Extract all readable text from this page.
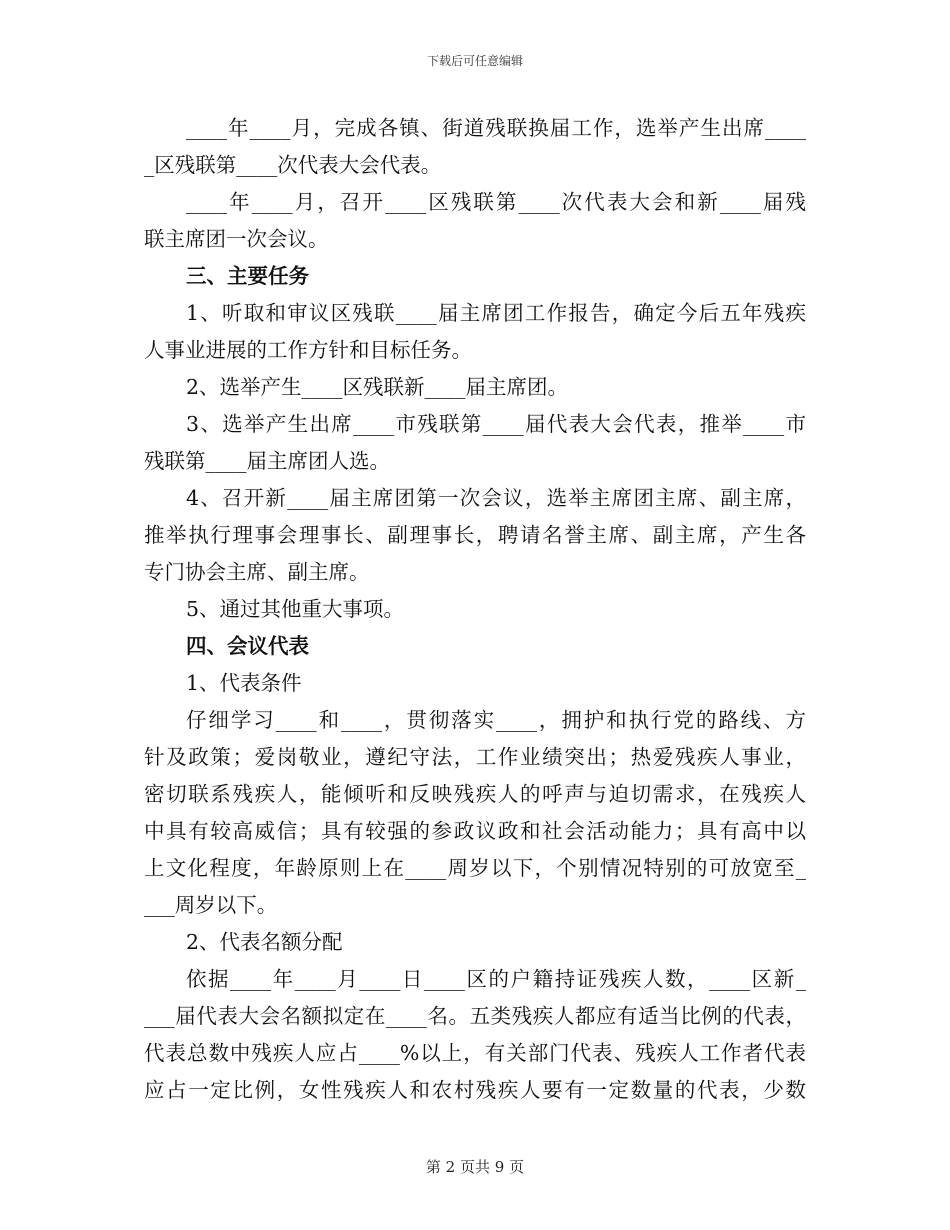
下载后可任意编辑
____年____月，完成各镇、街道残联换届工作，选举产生出席____
_区残联第____次代表大会代表。
____年____月，召开____区残联第____次代表大会和新____届残
联主席团一次会议。
三、主要任务
1、听取和审议区残联____届主席团工作报告，确定今后五年残疾
人事业进展的工作方针和目标任务。
2、选举产生____区残联新____届主席团。
3、选举产生出席____市残联第____届代表大会代表，推举____市
残联第____届主席团人选。
4、召开新____届主席团第一次会议，选举主席团主席、副主席，
推举执行理事会理事长、副理事长，聘请名誉主席、副主席，产生各
专门协会主席、副主席。
5、通过其他重大事项。
四、会议代表
1、代表条件
仔细学习____和____，贯彻落实____，拥护和执行党的路线、方
针及政策；爱岗敬业，遵纪守法，工作业绩突出；热爱残疾人事业，
密切联系残疾人，能倾听和反映残疾人的呼声与迫切需求，在残疾人
中具有较高威信；具有较强的参政议政和社会活动能力；具有高中以
上文化程度，年龄原则上在____周岁以下，个别情况特别的可放宽至_
___周岁以下。
2、代表名额分配
依据____年____月____日____区的户籍持证残疾人数，____区新_
___届代表大会名额拟定在____名。五类残疾人都应有适当比例的代表，
代表总数中残疾人应占____%以上，有关部门代表、残疾人工作者代表
应占一定比例，女性残疾人和农村残疾人要有一定数量的代表，少数
第 2 页共 9 页
